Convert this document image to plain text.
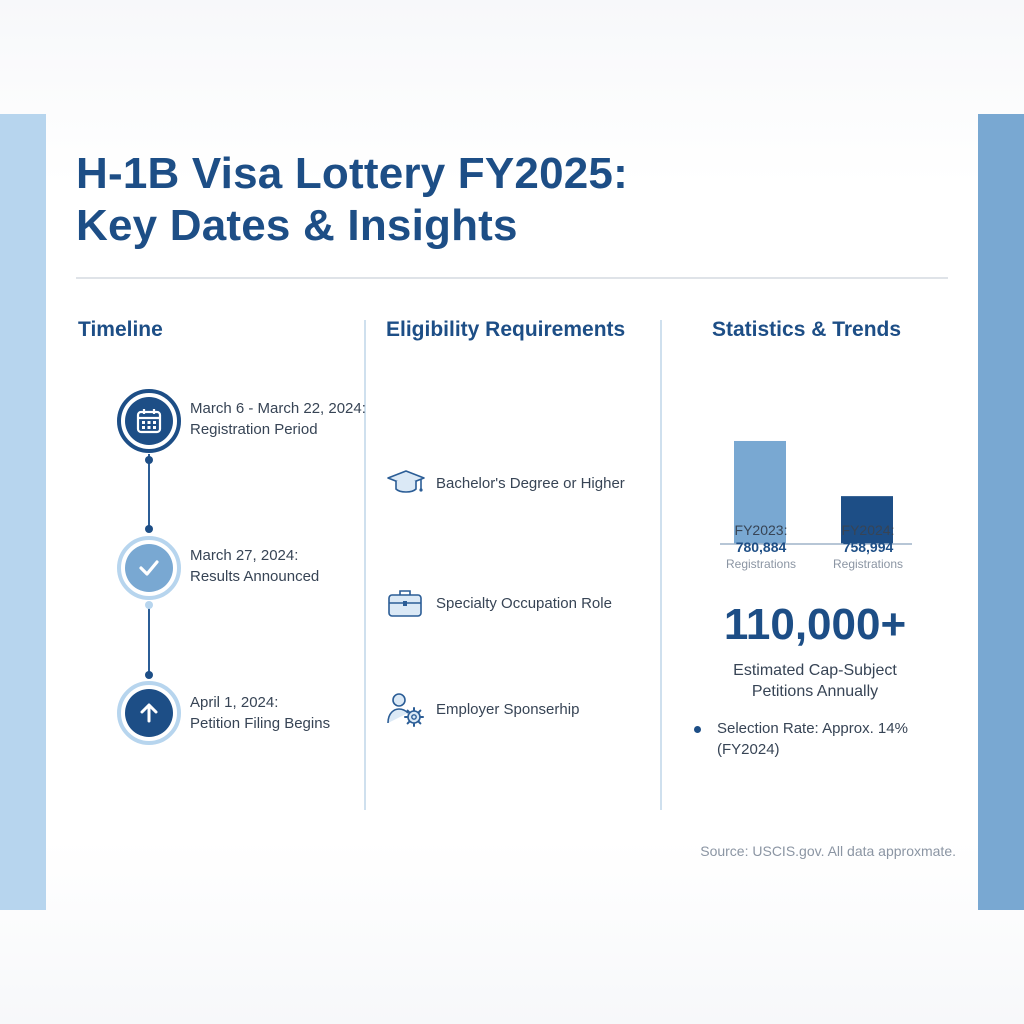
H-1B Visa Lottery FY2025:
Key Dates & Insights
Timeline
March 6 - March 22, 2024:
Registration Period
March 27, 2024:
Results Announced
April 1, 2024:
Petition Filing Begins
Eligibility Requirements
Bachelor's Degree or Higher
Specialty Occupation Role
Employer Sponserhip
Statistics & Trends
FY2023:
780,884
Registrations
FY2024:
758,994
Registrations
110,000+
Estimated Cap-Subject
Petitions Annually
Selection Rate: Approx. 14%
(FY2024)
Source: USCIS.gov. All data approxmate.
